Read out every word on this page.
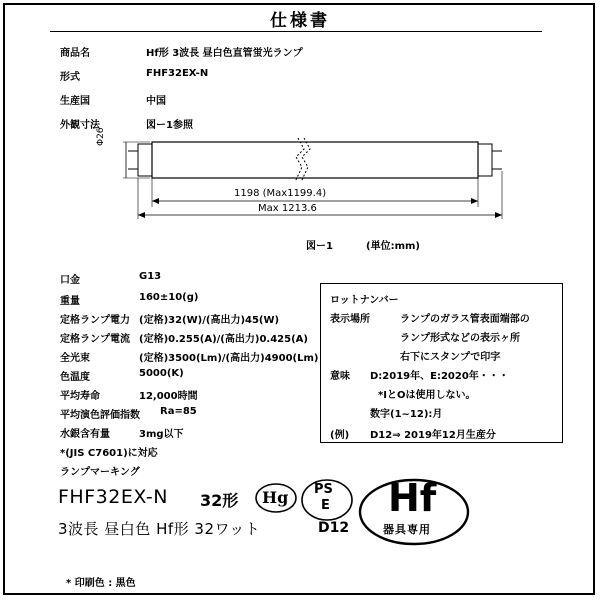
仕様書
商品名	Hf形 3波長 昼白色直管蛍光ランプ
形式	FHF32EX-N
生産国	中国
外観寸法	図ー1参照
Φ26
1198 (Max1199.4)
Max 1213.6
図ー1	(単位:mm)
口金	G13
重量	160±10(g)
定格ランプ電力 (定格)32(W)/(高出力)45(W)
定格ランプ電流 (定格)0.255(A)/(高出力)0.425(A)
全光束	(定格)3500(Lm)/(高出力)4900(Lm)
色温度	5000(K)
平均寿命	12,000時間
平均演色評価指数 Ra=85
水銀含有量	3mg以下
*(JIS C7601)に対応
ランプマーキング
ロットナンバー
表示場所	ランプのガラス管表面端部の
ランプ形式などの表示ヶ所
右下にスタンプで印字
意味 D:2019年、E:2020年・・・
*IとOは使用しない。
数字(1~12):月
(例) D12⇒ 2019年12月生産分
FHF32EX-N 32形 Hg PS
E Hf
器具専用
3波長 昼白色 Hf形 32ワット	D12
* 印刷色 : 黒色
